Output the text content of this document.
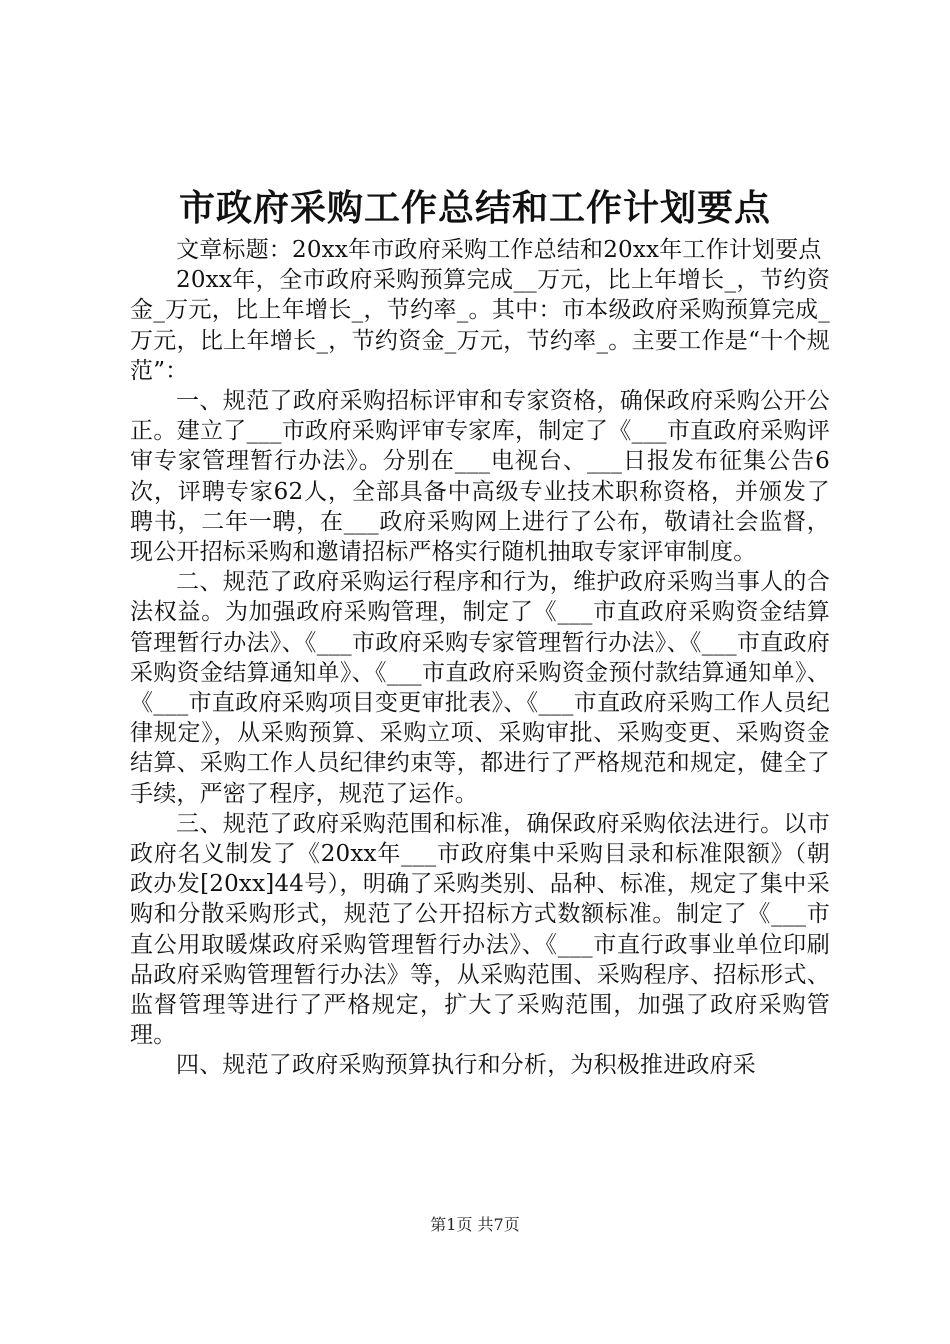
市政府采购工作总结和工作计划要点

文章标题：20xx年市政府采购工作总结和20xx年工作计划要点

20xx年，全市政府采购预算完成__万元，比上年增长_，节约资金_万元，比上年增长_，节约率_。其中：市本级政府采购预算完成_万元，比上年增长_，节约资金_万元，节约率_。主要工作是“十个规范”：

一、规范了政府采购招标评审和专家资格，确保政府采购公开公正。建立了___市政府采购评审专家库，制定了《___市直政府采购评审专家管理暂行办法》。分别在___电视台、___日报发布征集公告6次，评聘专家62人，全部具备中高级专业技术职称资格，并颁发了聘书，二年一聘，在___政府采购网上进行了公布，敬请社会监督，现公开招标采购和邀请招标严格实行随机抽取专家评审制度。

二、规范了政府采购运行程序和行为，维护政府采购当事人的合法权益。为加强政府采购管理，制定了《___市直政府采购资金结算管理暂行办法》、《___市政府采购专家管理暂行办法》、《___市直政府采购资金结算通知单》、《___市直政府采购资金预付款结算通知单》、《___市直政府采购项目变更审批表》、《___市直政府采购工作人员纪律规定》，从采购预算、采购立项、采购审批、采购变更、采购资金结算、采购工作人员纪律约束等，都进行了严格规范和规定，健全了手续，严密了程序，规范了运作。

三、规范了政府采购范围和标准，确保政府采购依法进行。以市政府名义制发了《20xx年___市政府集中采购目录和标准限额》（朝政办发[20xx]44号），明确了采购类别、品种、标准，规定了集中采购和分散采购形式，规范了公开招标方式数额标准。制定了《___市直公用取暖煤政府采购管理暂行办法》、《___市直行政事业单位印刷品政府采购管理暂行办法》等，从采购范围、采购程序、招标形式、监督管理等进行了严格规定，扩大了采购范围，加强了政府采购管理。

四、规范了政府采购预算执行和分析，为积极推进政府采

第1页 共7页
